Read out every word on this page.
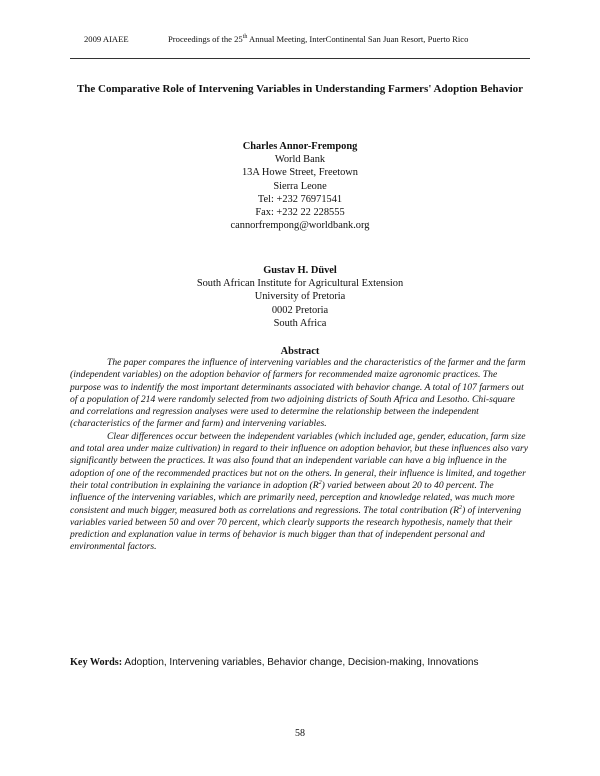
2009 AIAEE	Proceedings of the 25th Annual Meeting, InterContinental San Juan Resort, Puerto Rico
The Comparative Role of Intervening Variables in Understanding Farmers' Adoption Behavior
Charles Annor-Frempong
World Bank
13A Howe Street, Freetown
Sierra Leone
Tel: +232 76971541
Fax: +232 22 228555
cannorfrempong@worldbank.org
Gustav H. Düvel
South African Institute for Agricultural Extension
University of Pretoria
0002 Pretoria
South Africa
Abstract

The paper compares the influence of intervening variables and the characteristics of the farmer and the farm (independent variables) on the adoption behavior of farmers for recommended maize agronomic practices. The purpose was to indentify the most important determinants associated with behavior change. A total of 107 farmers out of a population of 214 were randomly selected from two adjoining districts of South Africa and Lesotho. Chi-square and correlations and regression analyses were used to determine the relationship between the independent (characteristics of the farmer and farm) and intervening variables.

Clear differences occur between the independent variables (which included age, gender, education, farm size and total area under maize cultivation) in regard to their influence on adoption behavior, but these influences also vary significantly between the practices. It was also found that an independent variable can have a big influence in the adoption of one of the recommended practices but not on the others. In general, their influence is limited, and together their total contribution in explaining the variance in adoption $(R^2)$ varied between about 20 to 40 percent. The influence of the intervening variables, which are primarily need, perception and knowledge related, was much more consistent and much bigger, measured both as correlations and regressions. The total contribution $(R^2)$ of intervening variables varied between 50 and over 70 percent, which clearly supports the research hypothesis, namely that their prediction and explanation value in terms of behavior is much bigger than that of independent personal and environmental factors.

Key Words: Adoption, Intervening variables, Behavior change, Decision-making, Innovations
58
